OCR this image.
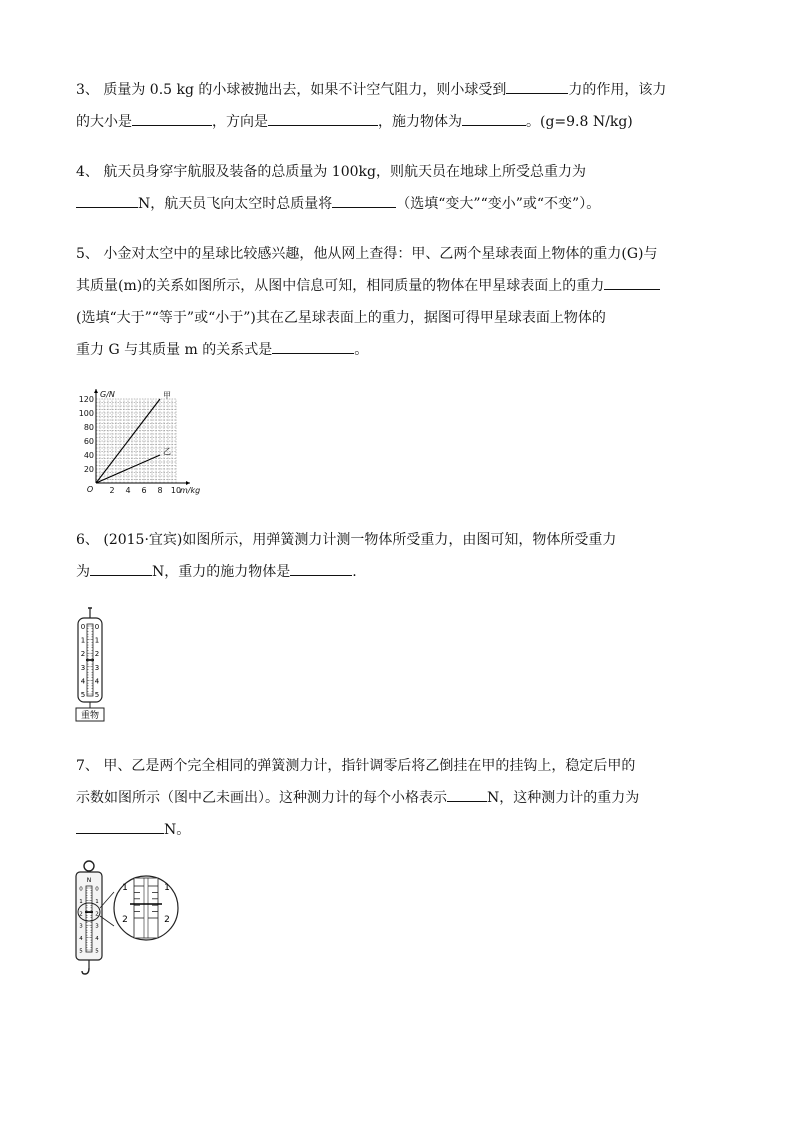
3、 质量为 0.5 kg 的小球被抛出去，如果不计空气阻力，则小球受到	力的作用，该力
的大小是	，方向是	，施力物体为	。(g=9.8 N/kg)
4、 航天员身穿宇航服及装备的总质量为 100kg，则航天员在地球上所受总重力为
N，航天员飞向太空时总质量将	（选填“变大”“变小”或“不变”）。
5、 小金对太空中的星球比较感兴趣，他从网上查得：甲、乙两个星球表面上物体的重力(G)与
其质量(m)的关系如图所示，从图中信息可知，相同质量的物体在甲星球表面上的重力
(选填“大于”“等于”或“小于”)其在乙星球表面上的重力，据图可得甲星球表面上物体的
重力 G 与其质量 m 的关系式是	。
20
40
60
80
100
120
2 4 6 8 10
O
G/N
m/kg
甲
乙
6、 (2015·宜宾)如图所示，用弹簧测力计测一物体所受重力，由图可知，物体所受重力
为	N，重力的施力物体是	.
0 0
1 1
2 2
3 3
4 4
5 5
重物
7、 甲、乙是两个完全相同的弹簧测力计，指针调零后将乙倒挂在甲的挂钩上，稳定后甲的
示数如图所示（图中乙未画出）。这种测力计的每个小格表示	N，这种测力计的重力为
N。
N
0 0
1 1
2 2
3 3
4 4
5 5
1
2
1
2
